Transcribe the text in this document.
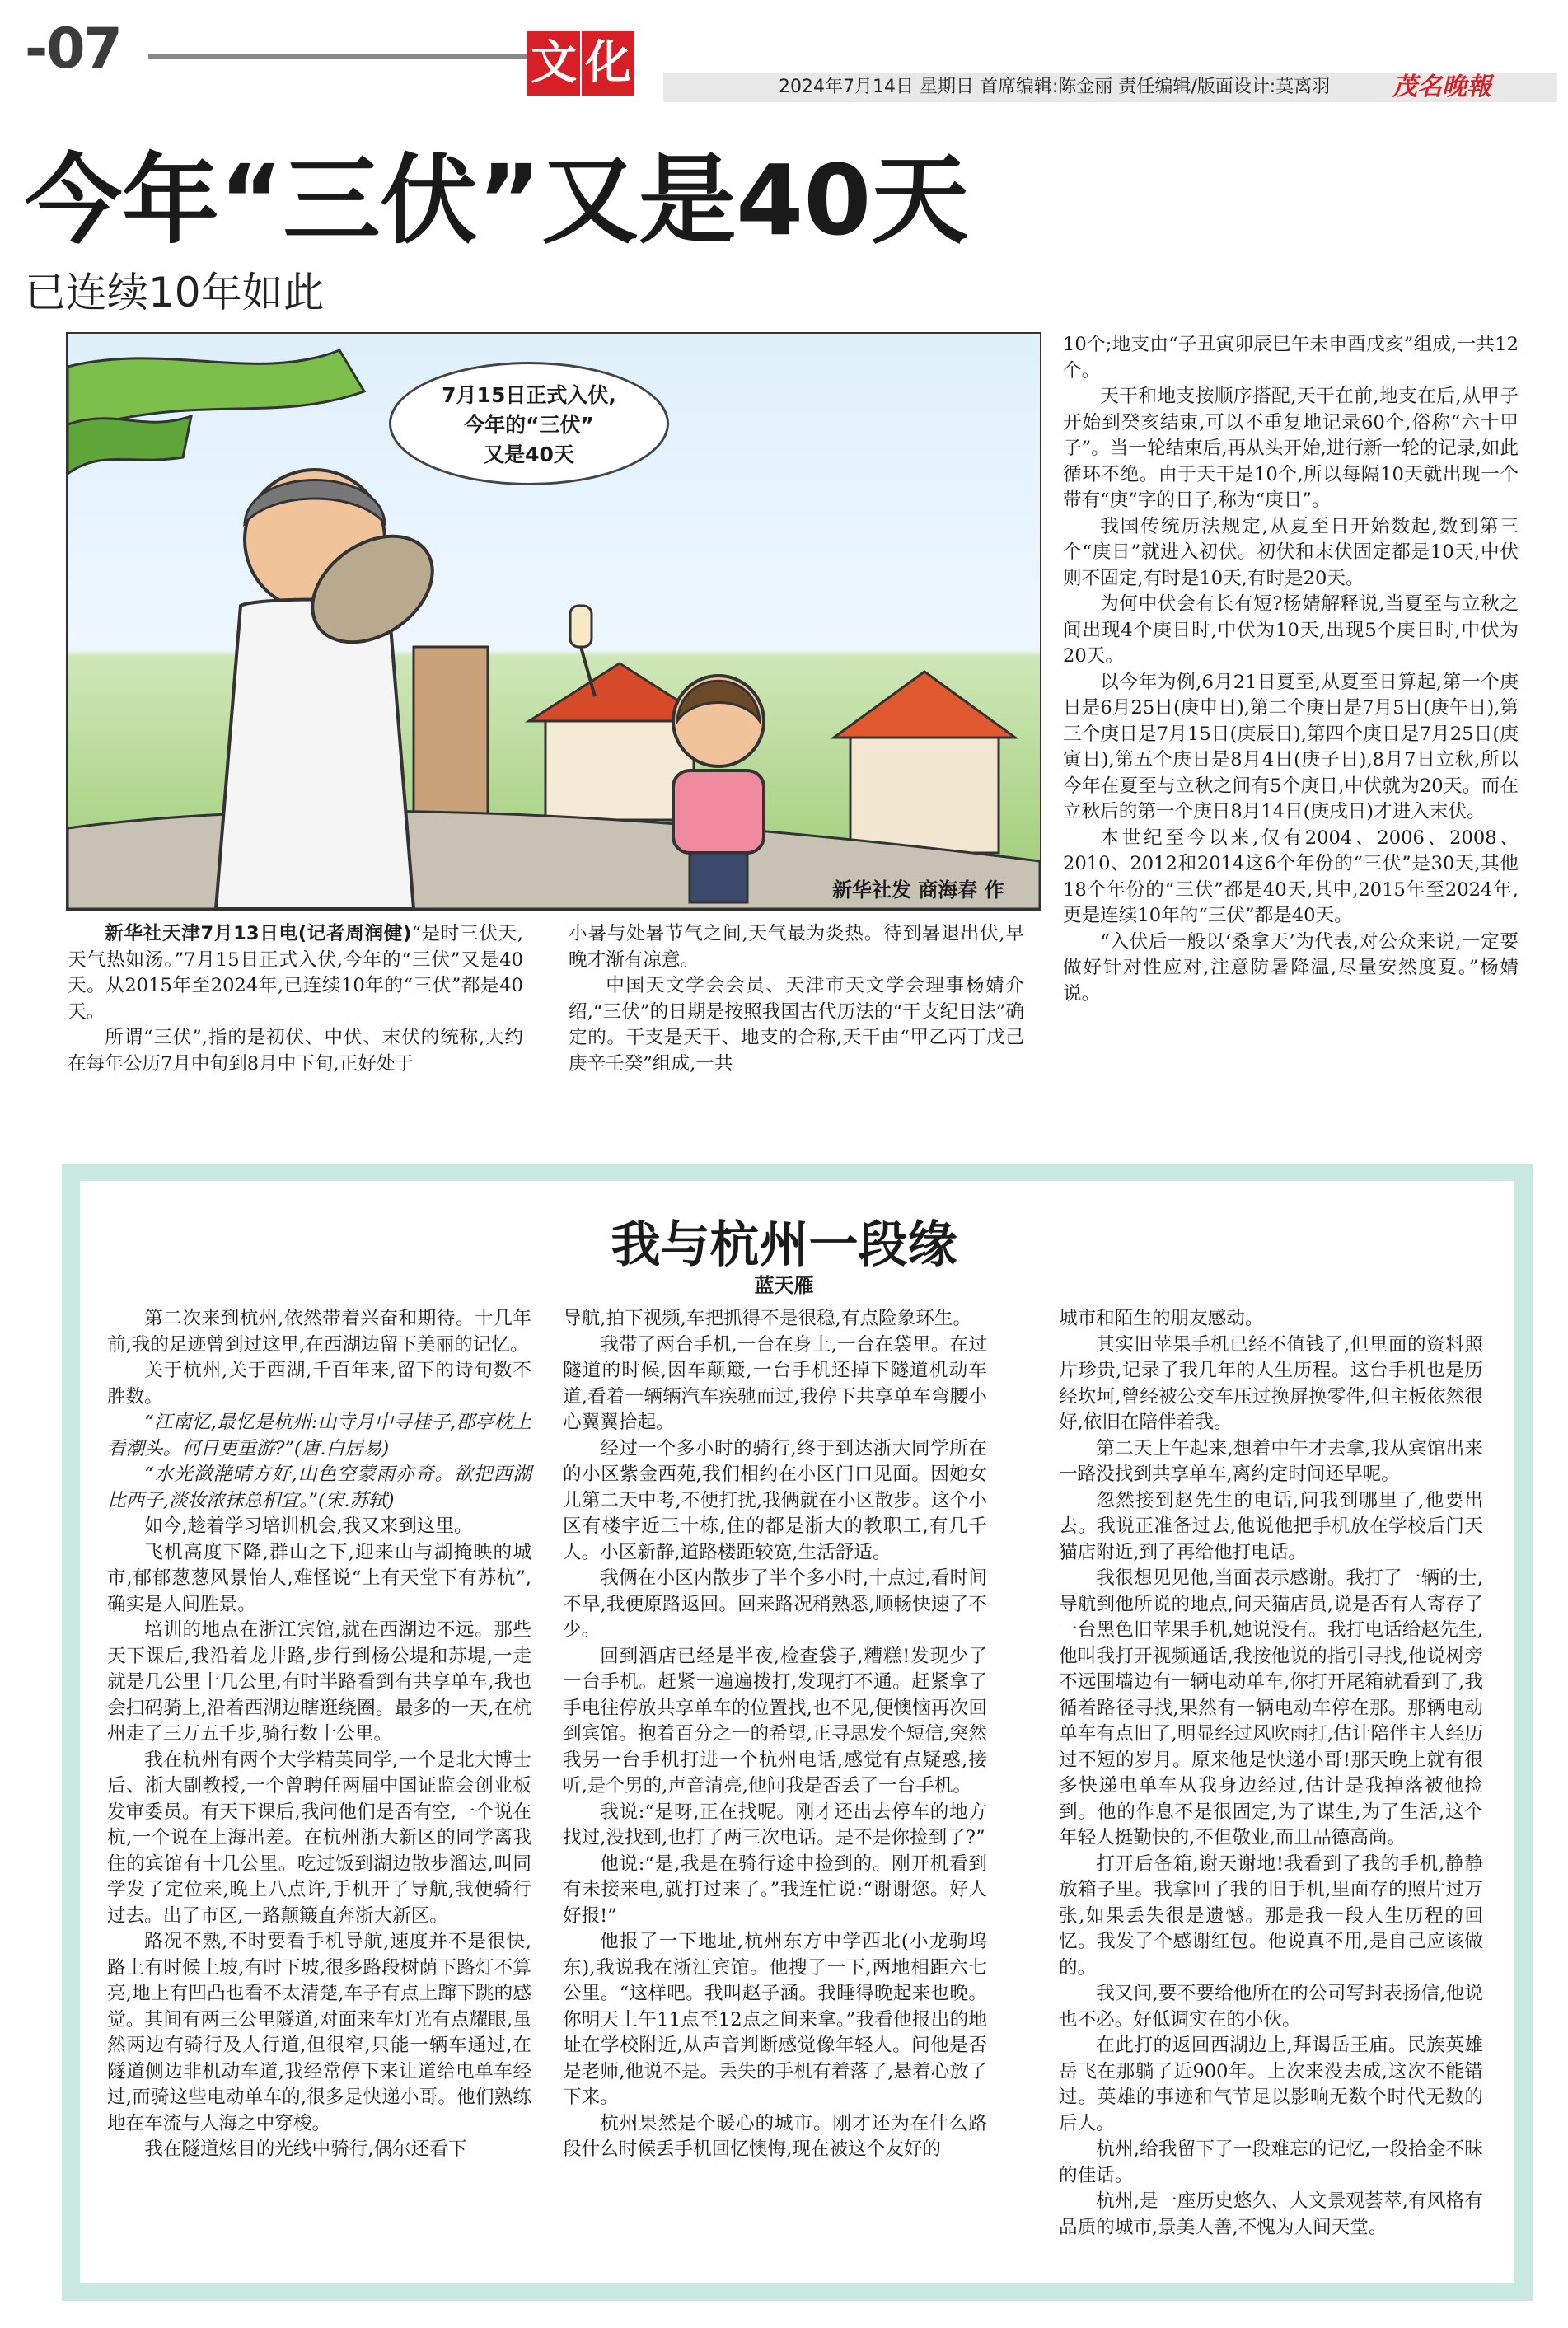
-07	文 化	2024年7月14日 星期日 首席编辑:陈金丽 责任编辑/版面设计:莫离羽	茂名晚報
今年“三伏”又是40天
已连续10年如此
7月15日正式入伏,
今年的“三伏”
又是40天
新华社发 商海春 作

新华社天津7月13日电(记者周润健)“是时三伏天,天气热如汤。”7月15日正式入伏,今年的“三伏”又是40天。从2015年至2024年,已连续10年的“三伏”都是40天。

所谓“三伏”,指的是初伏、中伏、末伏的统称,大约在每年公历7月中旬到8月中下旬,正好处于

小暑与处暑节气之间,天气最为炎热。待到暑退出伏,早晚才渐有凉意。

中国天文学会会员、天津市天文学会理事杨婧介绍,“三伏”的日期是按照我国古代历法的“干支纪日法”确定的。干支是天干、地支的合称,天干由“甲乙丙丁戊己庚辛壬癸”组成,一共

10个;地支由“子丑寅卯辰巳午未申酉戌亥”组成,一共12个。

天干和地支按顺序搭配,天干在前,地支在后,从甲子开始到癸亥结束,可以不重复地记录60个,俗称“六十甲子”。当一轮结束后,再从头开始,进行新一轮的记录,如此循环不绝。由于天干是10个,所以每隔10天就出现一个带有“庚”字的日子,称为“庚日”。

我国传统历法规定,从夏至日开始数起,数到第三个“庚日”就进入初伏。初伏和末伏固定都是10天,中伏则不固定,有时是10天,有时是20天。

为何中伏会有长有短?杨婧解释说,当夏至与立秋之间出现4个庚日时,中伏为10天,出现5个庚日时,中伏为20天。

以今年为例,6月21日夏至,从夏至日算起,第一个庚日是6月25日(庚申日),第二个庚日是7月5日(庚午日),第三个庚日是7月15日(庚辰日),第四个庚日是7月25日(庚寅日),第五个庚日是8月4日(庚子日),8月7日立秋,所以今年在夏至与立秋之间有5个庚日,中伏就为20天。而在立秋后的第一个庚日8月14日(庚戌日)才进入末伏。

本世纪至今以来,仅有2004、2006、2008、2010、2012和2014这6个年份的“三伏”是30天,其他18个年份的“三伏”都是40天,其中,2015年至2024年,更是连续10年的“三伏”都是40天。

“入伏后一般以‘桑拿天’为代表,对公众来说,一定要做好针对性应对,注意防暑降温,尽量安然度夏。”杨婧说。

我与杭州一段缘
蓝天雁

第二次来到杭州,依然带着兴奋和期待。十几年前,我的足迹曾到过这里,在西湖边留下美丽的记忆。

关于杭州,关于西湖,千百年来,留下的诗句数不胜数。

“江南忆,最忆是杭州:山寺月中寻桂子,郡亭枕上看潮头。何日更重游?”(唐.白居易)

“水光潋滟晴方好,山色空蒙雨亦奇。欲把西湖比西子,淡妆浓抹总相宜。”(宋.苏轼)

如今,趁着学习培训机会,我又来到这里。

飞机高度下降,群山之下,迎来山与湖掩映的城市,郁郁葱葱风景怡人,难怪说“上有天堂下有苏杭”,确实是人间胜景。

培训的地点在浙江宾馆,就在西湖边不远。那些天下课后,我沿着龙井路,步行到杨公堤和苏堤,一走就是几公里十几公里,有时半路看到有共享单车,我也会扫码骑上,沿着西湖边瞎逛绕圈。最多的一天,在杭州走了三万五千步,骑行数十公里。

我在杭州有两个大学精英同学,一个是北大博士后、浙大副教授,一个曾聘任两届中国证监会创业板发审委员。有天下课后,我问他们是否有空,一个说在杭,一个说在上海出差。在杭州浙大新区的同学离我住的宾馆有十几公里。吃过饭到湖边散步溜达,叫同学发了定位来,晚上八点许,手机开了导航,我便骑行过去。出了市区,一路颠簸直奔浙大新区。

路况不熟,不时要看手机导航,速度并不是很快,路上有时候上坡,有时下坡,很多路段树荫下路灯不算亮,地上有凹凸也看不太清楚,车子有点上蹿下跳的感觉。其间有两三公里隧道,对面来车灯光有点耀眼,虽然两边有骑行及人行道,但很窄,只能一辆车通过,在隧道侧边非机动车道,我经常停下来让道给电单车经过,而骑这些电动单车的,很多是快递小哥。他们熟练地在车流与人海之中穿梭。

我在隧道炫目的光线中骑行,偶尔还看下

导航,拍下视频,车把抓得不是很稳,有点险象环生。

我带了两台手机,一台在身上,一台在袋里。在过隧道的时候,因车颠簸,一台手机还掉下隧道机动车道,看着一辆辆汽车疾驰而过,我停下共享单车弯腰小心翼翼拾起。

经过一个多小时的骑行,终于到达浙大同学所在的小区紫金西苑,我们相约在小区门口见面。因她女儿第二天中考,不便打扰,我俩就在小区散步。这个小区有楼宇近三十栋,住的都是浙大的教职工,有几千人。小区新静,道路楼距较宽,生活舒适。

我俩在小区内散步了半个多小时,十点过,看时间不早,我便原路返回。回来路况稍熟悉,顺畅快速了不少。

回到酒店已经是半夜,检查袋子,糟糕!发现少了一台手机。赶紧一遍遍拨打,发现打不通。赶紧拿了手电往停放共享单车的位置找,也不见,便懊恼再次回到宾馆。抱着百分之一的希望,正寻思发个短信,突然我另一台手机打进一个杭州电话,感觉有点疑惑,接听,是个男的,声音清亮,他问我是否丢了一台手机。

我说:“是呀,正在找呢。刚才还出去停车的地方找过,没找到,也打了两三次电话。是不是你捡到了?”

他说:“是,我是在骑行途中捡到的。刚开机看到有未接来电,就打过来了。”我连忙说:“谢谢您。好人好报!”

他报了一下地址,杭州东方中学西北(小龙驹坞东),我说我在浙江宾馆。他搜了一下,两地相距六七公里。“这样吧。我叫赵子涵。我睡得晚起来也晚。你明天上午11点至12点之间来拿。”我看他报出的地址在学校附近,从声音判断感觉像年轻人。问他是否是老师,他说不是。丢失的手机有着落了,悬着心放了下来。

杭州果然是个暖心的城市。刚才还为在什么路段什么时候丢手机回忆懊悔,现在被这个友好的

城市和陌生的朋友感动。

其实旧苹果手机已经不值钱了,但里面的资料照片珍贵,记录了我几年的人生历程。这台手机也是历经坎坷,曾经被公交车压过换屏换零件,但主板依然很好,依旧在陪伴着我。

第二天上午起来,想着中午才去拿,我从宾馆出来一路没找到共享单车,离约定时间还早呢。

忽然接到赵先生的电话,问我到哪里了,他要出去。我说正准备过去,他说他把手机放在学校后门天猫店附近,到了再给他打电话。

我很想见见他,当面表示感谢。我打了一辆的士,导航到他所说的地点,问天猫店员,说是否有人寄存了一台黑色旧苹果手机,她说没有。我打电话给赵先生,他叫我打开视频通话,我按他说的指引寻找,他说树旁不远围墙边有一辆电动单车,你打开尾箱就看到了,我循着路径寻找,果然有一辆电动车停在那。那辆电动单车有点旧了,明显经过风吹雨打,估计陪伴主人经历过不短的岁月。原来他是快递小哥!那天晚上就有很多快递电单车从我身边经过,估计是我掉落被他捡到。他的作息不是很固定,为了谋生,为了生活,这个年轻人挺勤快的,不但敬业,而且品德高尚。

打开后备箱,谢天谢地!我看到了我的手机,静静放箱子里。我拿回了我的旧手机,里面存的照片过万张,如果丢失很是遗憾。那是我一段人生历程的回忆。我发了个感谢红包。他说真不用,是自己应该做的。

我又问,要不要给他所在的公司写封表扬信,他说也不必。好低调实在的小伙。

在此打的返回西湖边上,拜谒岳王庙。民族英雄岳飞在那躺了近900年。上次来没去成,这次不能错过。英雄的事迹和气节足以影响无数个时代无数的后人。

杭州,给我留下了一段难忘的记忆,一段拾金不昧的佳话。

杭州,是一座历史悠久、人文景观荟萃,有风格有品质的城市,景美人善,不愧为人间天堂。
